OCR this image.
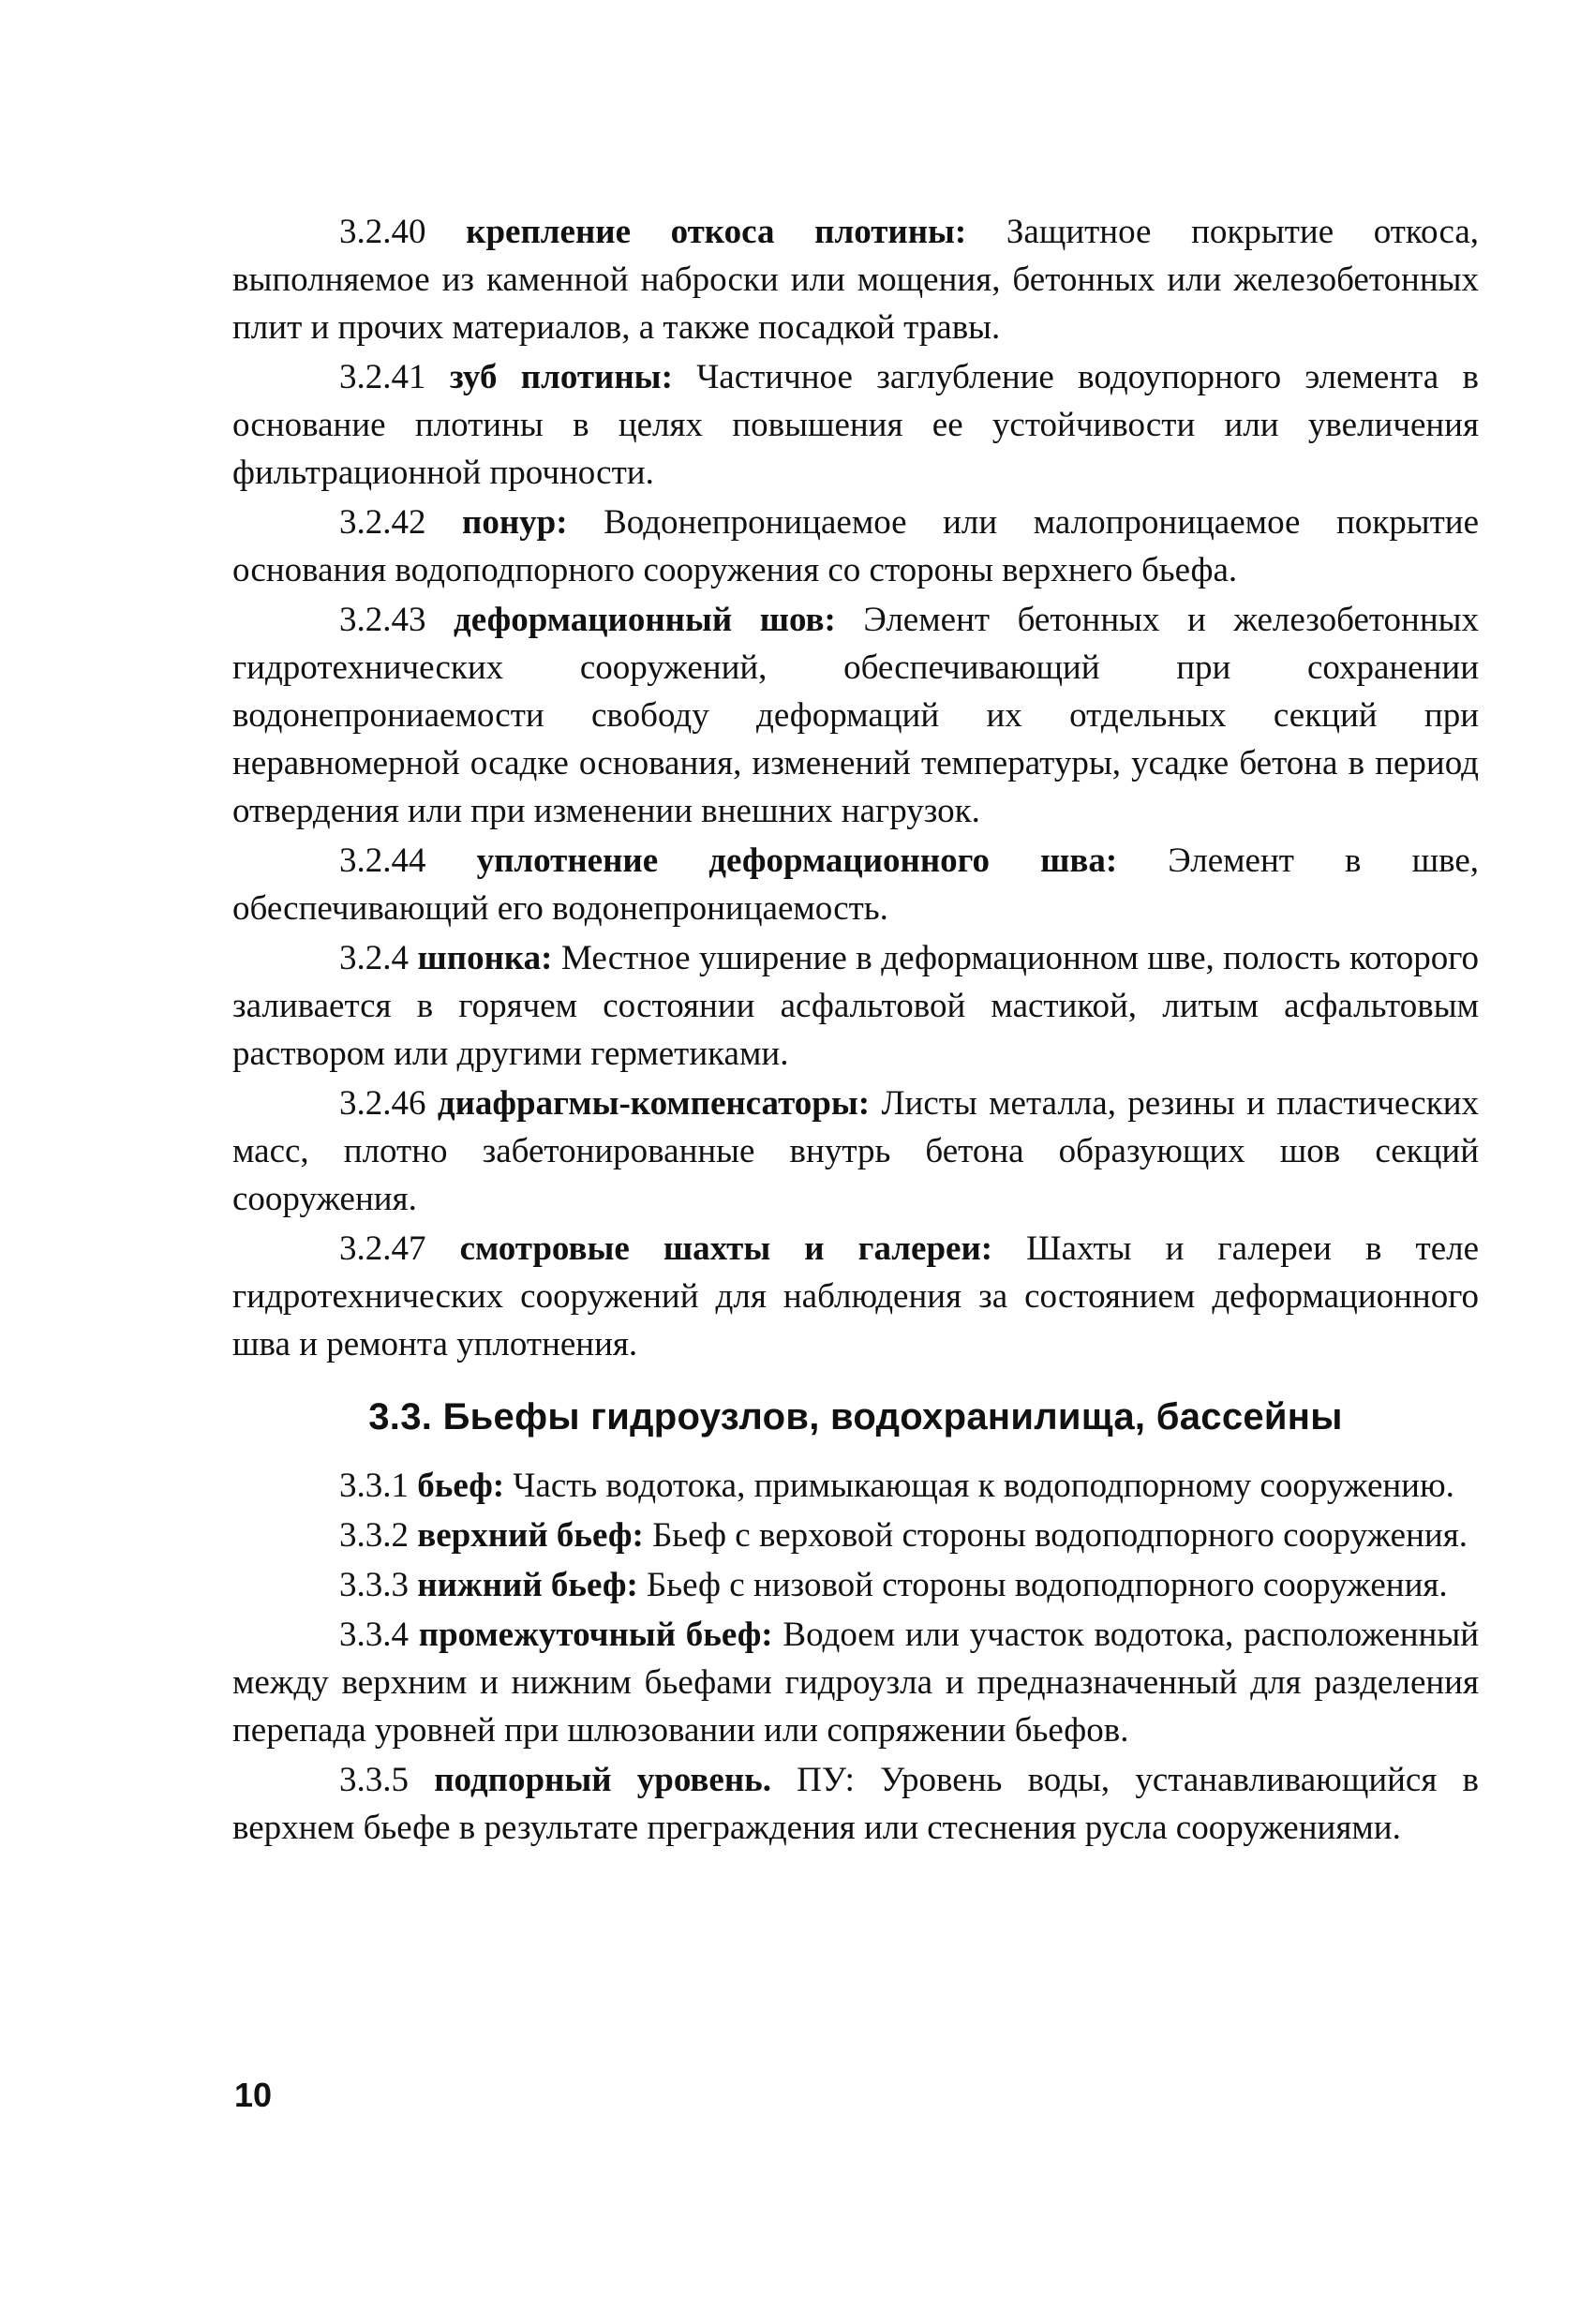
3.2.40 крепление откоса плотины: Защитное покрытие откоса, выполняемое из каменной наброски или мощения, бетонных или железобетонных плит и прочих материалов, а также посадкой травы.

3.2.41 зуб плотины: Частичное заглубление водоупорного элемента в основание плотины в целях повышения ее устойчивости или увеличения фильтрационной прочности.

3.2.42 понур: Водонепроницаемое или малопроницаемое покрытие основания водоподпорного сооружения со стороны верхнего бьефа.

3.2.43 деформационный шов: Элемент бетонных и железобетонных гидротехнических сооружений, обеспечивающий при сохранении водонепрониаемости свободу деформаций их отдельных секций при неравномерной осадке основания, изменений температуры, усадке бетона в период отвердения или при изменении внешних нагрузок.

3.2.44 уплотнение деформационного шва: Элемент в шве, обеспечивающий его водонепроницаемость.

3.2.4 шпонка: Местное уширение в деформационном шве, полость которого заливается в горячем состоянии асфальтовой мастикой, литым асфальтовым раствором или другими герметиками.

3.2.46 диафрагмы-компенсаторы: Листы металла, резины и пластических масс, плотно забетонированные внутрь бетона образующих шов секций сооружения.

3.2.47 смотровые шахты и галереи: Шахты и галереи в теле гидротехнических сооружений для наблюдения за состоянием деформационного шва и ремонта уплотнения.

3.3. Бьефы гидроузлов, водохранилища, бассейны

3.3.1 бьеф: Часть водотока, примыкающая к водоподпорному сооружению.

3.3.2 верхний бьеф: Бьеф с верховой стороны водоподпорного сооружения.

3.3.3 нижний бьеф: Бьеф с низовой стороны водоподпорного сооружения.

3.3.4 промежуточный бьеф: Водоем или участок водотока, расположенный между верхним и нижним бьефами гидроузла и предназначенный для разделения перепада уровней при шлюзовании или сопряжении бьефов.

3.3.5 подпорный уровень. ПУ: Уровень воды, устанавливающийся в верхнем бьефе в результате преграждения или стеснения русла сооружениями.

10
